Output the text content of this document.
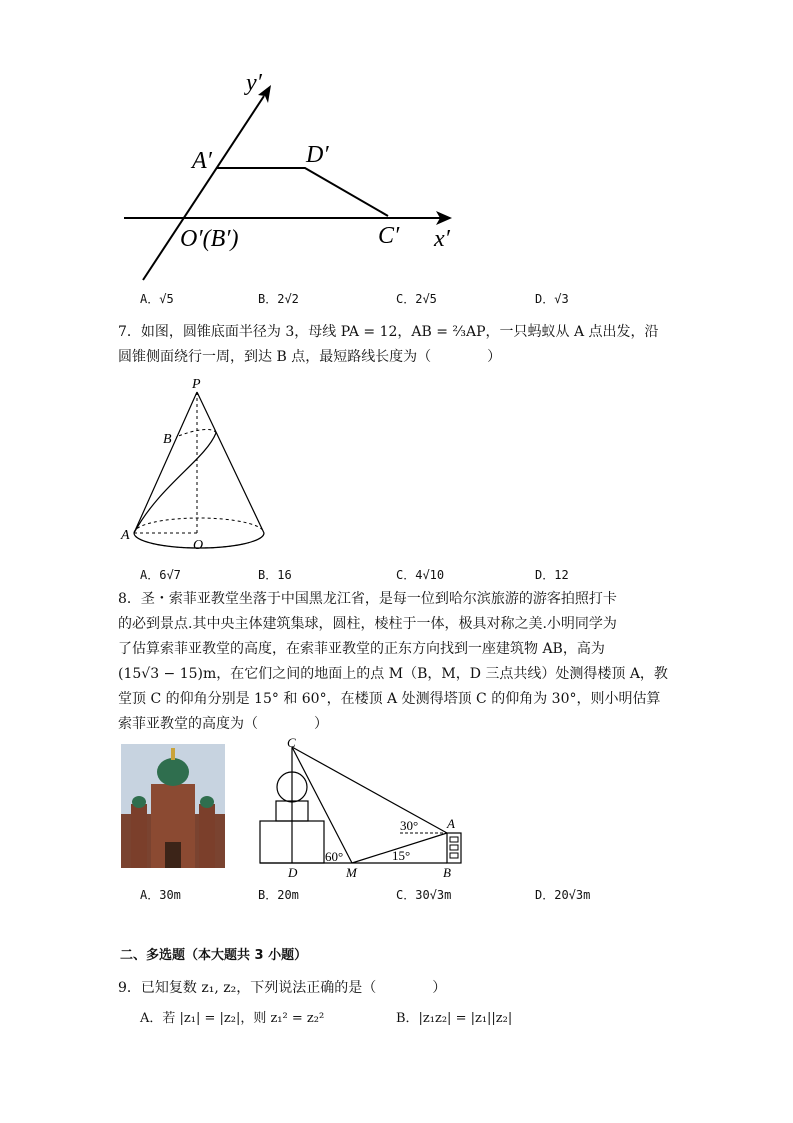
y′
A′	D′
O′(B′)	C′ x′
A．√5	B．2√2	C．2√5	D．√3
7．如图，圆锥底面半径为 3，母线 PA = 12，AB = ⅔AP，一只蚂蚁从 A 点出发，沿
圆锥侧面绕行一周，到达 B 点，最短路线长度为（　　　　）
P
B
A
O
A．6√7	B．16	C．4√10	D．12
8．圣・索菲亚教堂坐落于中国黑龙江省，是每一位到哈尔滨旅游的游客拍照打卡
的必到景点.其中央主体建筑集球，圆柱，棱柱于一体，极具对称之美.小明同学为
了估算索菲亚教堂的高度，在索菲亚教堂的正东方向找到一座建筑物 AB，高为
(15√3 − 15)m，在它们之间的地面上的点 M（B，M，D 三点共线）处测得楼顶 A，教
堂顶 C 的仰角分别是 15° 和 60°，在楼顶 A 处测得塔顶 C 的仰角为 30°，则小明估算
索菲亚教堂的高度为（　　　　）
C
A
D	M	B
30°
60°	15°
A．30m	B．20m	C．30√3m	D．20√3m
二、多选题（本大题共 3 小题）
9．已知复数 z₁, z₂，下列说法正确的是（　　　　）
A．若 |z₁| = |z₂|，则 z₁² = z₂²	B．|z₁z₂| = |z₁||z₂|
